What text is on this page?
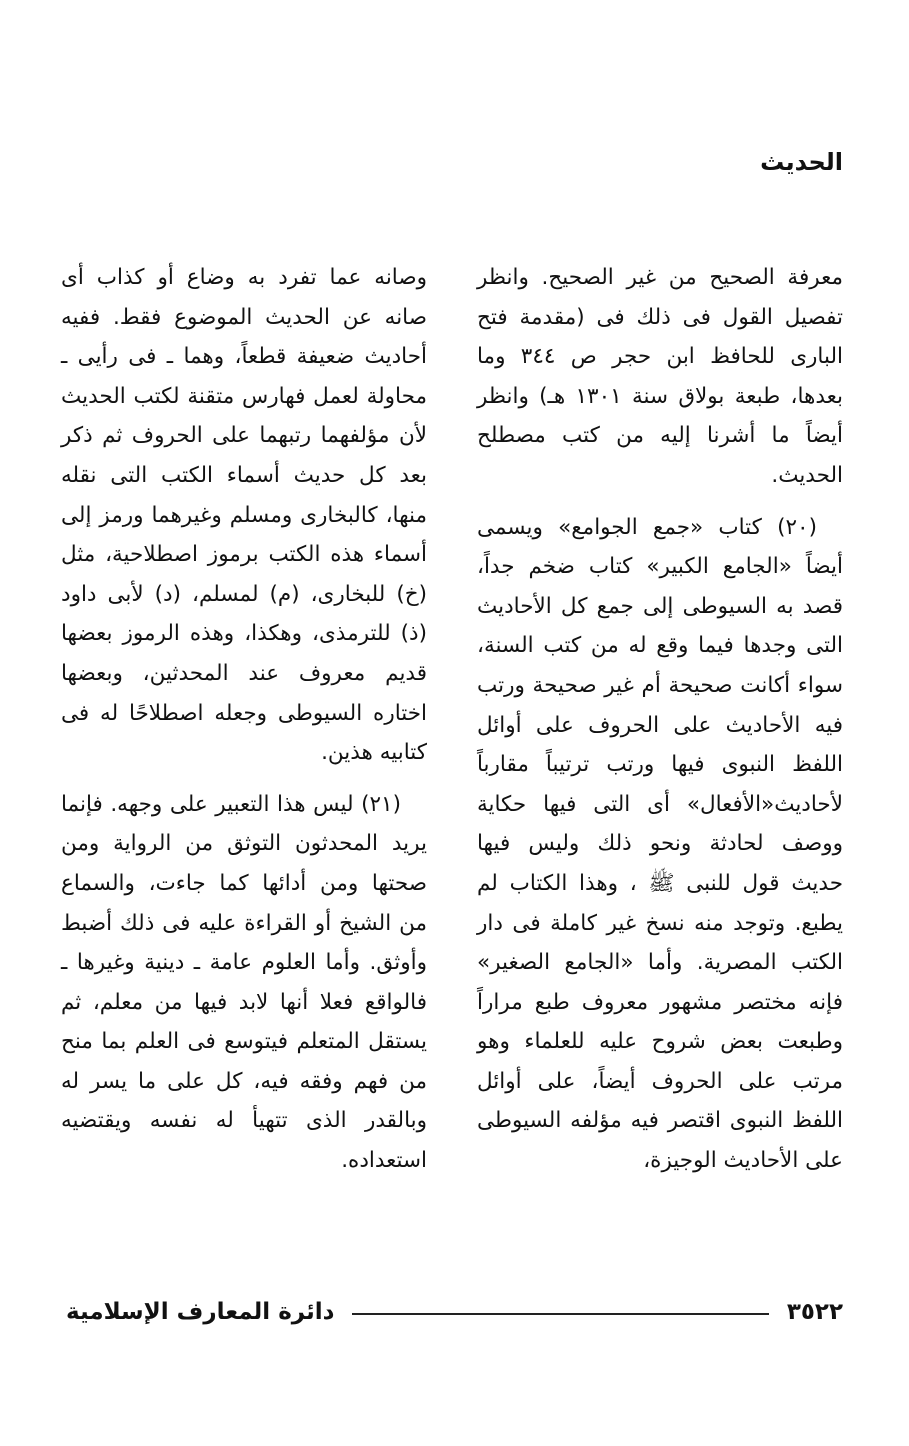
الحديث

معرفة الصحيح من غير الصحيح. وانظر تفصيل القول فى ذلك فى (مقدمة فتح البارى للحافظ ابن حجر ص ٣٤٤ وما بعدها، طبعة بولاق سنة ١٣٠١ هـ) وانظر أيضاً ما أشرنا إليه من كتب مصطلح الحديث.

(٢٠) كتاب «جمع الجوامع» ويسمى أيضاً «الجامع الكبير» كتاب ضخم جداً، قصد به السيوطى إلى جمع كل الأحاديث التى وجدها فيما وقع له من كتب السنة، سواء أكانت صحيحة أم غير صحيحة ورتب فيه الأحاديث على الحروف على أوائل اللفظ النبوى فيها ورتب ترتيباً مقارباً لأحاديث«الأفعال» أى التى فيها حكاية ووصف لحادثة ونحو ذلك وليس فيها حديث قول للنبى ﷺ ، وهذا الكتاب لم يطبع. وتوجد منه نسخ غير كاملة فى دار الكتب المصرية. وأما «الجامع الصغير» فإنه مختصر مشهور معروف طبع مراراً وطبعت بعض شروح عليه للعلماء وهو مرتب على الحروف أيضاً، على أوائل اللفظ النبوى اقتصر فيه مؤلفه السيوطى على الأحاديث الوجيزة،

وصانه عما تفرد به وضاع أو كذاب أى صانه عن الحديث الموضوع فقط. ففيه أحاديث ضعيفة قطعاً، وهما ـ فى رأيى ـ محاولة لعمل فهارس متقنة لكتب الحديث لأن مؤلفهما رتبهما على الحروف ثم ذكر بعد كل حديث أسماء الكتب التى نقله منها، كالبخارى ومسلم وغيرهما ورمز إلى أسماء هذه الكتب برموز اصطلاحية، مثل (خ) للبخارى، (م) لمسلم، (د) لأبى داود (ذ) للترمذى، وهكذا، وهذه الرموز بعضها قديم معروف عند المحدثين، وبعضها اختاره السيوطى وجعله اصطلاحًا له فى كتابيه هذين.

(٢١) ليس هذا التعبير على وجهه. فإنما يريد المحدثون التوثق من الرواية ومن صحتها ومن أدائها كما جاءت، والسماع من الشيخ أو القراءة عليه فى ذلك أضبط وأوثق. وأما العلوم عامة ـ دينية وغيرها ـ فالواقع فعلا أنها لابد فيها من معلم، ثم يستقل المتعلم فيتوسع فى العلم بما منح من فهم وفقه فيه، كل على ما يسر له وبالقدر الذى تتهيأ له نفسه ويقتضيه استعداده.

٣٥٢٢
دائرة المعارف الإسلامية
